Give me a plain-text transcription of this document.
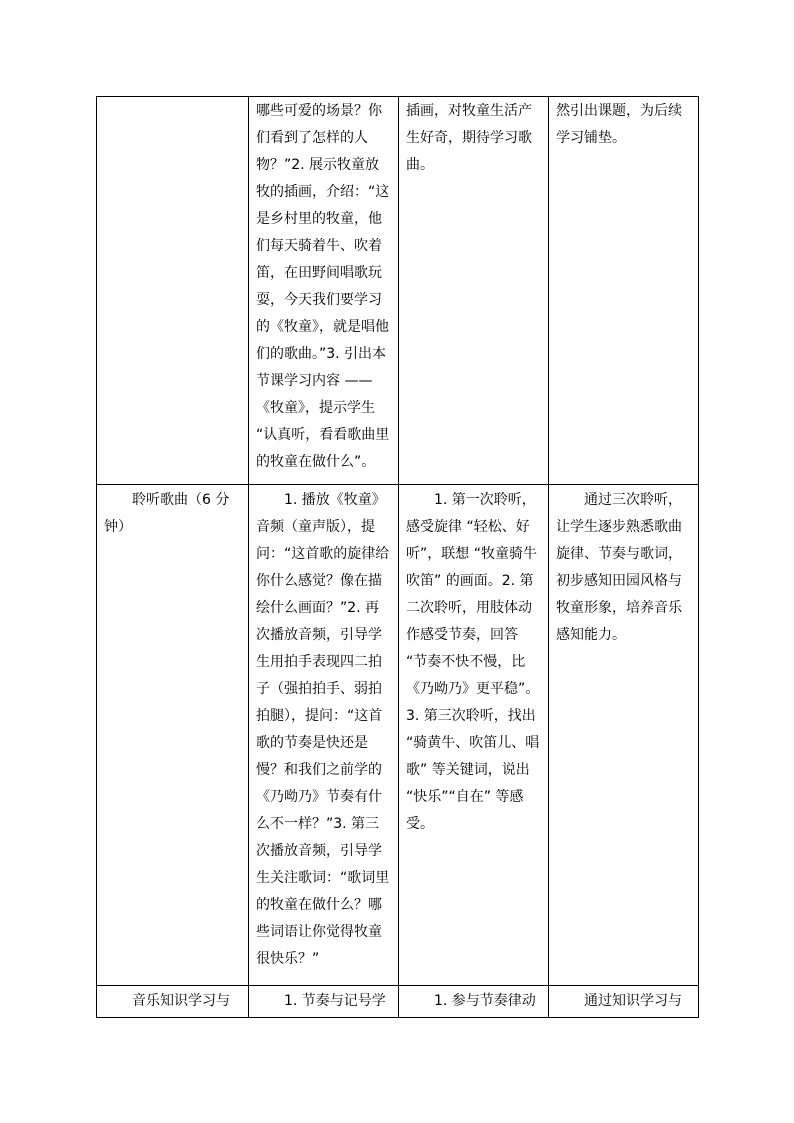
	哪些可爱的场景？你们看到了怎样的人物？”2. 展示牧童放牧的插画，介绍：“这是乡村里的牧童，他们每天骑着牛、吹着笛，在田野间唱歌玩耍，今天我们要学习的《牧童》，就是唱他们的歌曲。”3. 引出本节课学习内容 ——《牧童》，提示学生 “认真听，看看歌曲里的牧童在做什么”。	插画，对牧童生活产生好奇，期待学习歌曲。	然引出课题，为后续学习铺垫。

聆听歌曲（6 分钟）	1. 播放《牧童》音频（童声版），提问：“这首歌的旋律给你什么感觉？像在描绘什么画面？”2. 再次播放音频，引导学生用拍手表现四二拍子（强拍拍手、弱拍拍腿），提问：“这首歌的节奏是快还是慢？和我们之前学的《乃呦乃》节奏有什么不一样？”3. 第三次播放音频，引导学生关注歌词：“歌词里的牧童在做什么？哪些词语让你觉得牧童很快乐？”	1. 第一次聆听，感受旋律 “轻松、好听”，联想 “牧童骑牛吹笛” 的画面。2. 第二次聆听，用肢体动作感受节奏，回答 “节奏不快不慢，比《乃呦乃》更平稳”。3. 第三次聆听，找出 “骑黄牛、吹笛儿、唱歌” 等关键词，说出 “快乐”“自在” 等感受。	通过三次聆听，让学生逐步熟悉歌曲旋律、节奏与歌词，初步感知田园风格与牧童形象，培养音乐感知能力。

音乐知识学习与	1. 节奏与记号学	1. 参与节奏律动	通过知识学习与
